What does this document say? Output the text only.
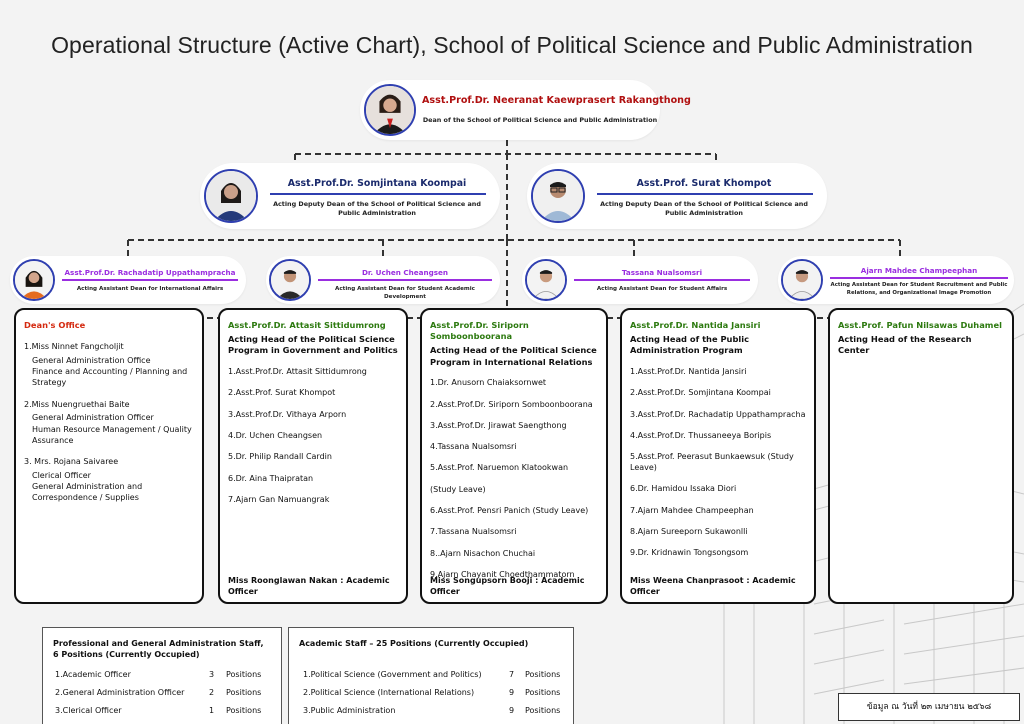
Operational Structure (Active Chart), School of Political Science and Public Administration
Asst.Prof.Dr. Neeranat Kaewprasert Rakangthong
Dean of the School of Political Science and Public Administration
Asst.Prof.Dr. Somjintana Koompai
Acting Deputy Dean of the School of Political Science and Public Administration
Asst.Prof. Surat Khompot
Acting Deputy Dean of the School of Political Science and Public Administration
Asst.Prof.Dr. Rachadatip Uppathampracha
Acting Assistant Dean for International Affairs
Dr. Uchen Cheangsen
Acting Assistant Dean for Student Academic Development
Tassana Nualsomsri
Acting Assistant Dean for Student Affairs
Ajarn Mahdee Champeephan
Acting Assistant Dean for Student Recruitment and Public Relations, and Organizational Image Promotion
Dean's Office
1.Miss Ninnet Fangcholjit
General Administration Office
Finance and Accounting / Planning and Strategy
2.Miss Nuengruethai Baite
General Administration Officer
Human Resource Management / Quality Assurance
3. Mrs. Rojana Saivaree
Clerical Officer
General Administration and Correspondence / Supplies
Asst.Prof.Dr. Attasit Sittidumrong
Acting Head of the Political Science Program in Government and Politics
1.Asst.Prof.Dr. Attasit Sittidumrong
2.Asst.Prof. Surat Khompot
3.Asst.Prof.Dr. Vithaya Arporn
4.Dr. Uchen Cheangsen
5.Dr. Philip Randall Cardin
6.Dr. Aina Thaipratan
7.Ajarn Gan Namuangrak
Miss Roonglawan Nakan : Academic Officer
Asst.Prof.Dr. Siriporn Somboonboorana
Acting Head of the Political Science Program in International Relations
1.Dr. Anusorn Chaiaksornwet
2.Asst.Prof.Dr. Siriporn Somboonboorana
3.Asst.Prof.Dr. Jirawat Saengthong
4.Tassana Nualsomsri
5.Asst.Prof. Naruemon Klatookwan
(Study Leave)
6.Asst.Prof. Pensri Panich (Study Leave)
7.Tassana Nualsomsri
8..Ajarn Nisachon Chuchai
9.Ajarn Chayanit Choedthammatorn
Miss Songupsorn Booji : Academic Officer
Asst.Prof.Dr. Nantida Jansiri
Acting Head of the Public Administration Program
1.Asst.Prof.Dr. Nantida Jansiri
2.Asst.Prof.Dr. Somjintana Koompai
3.Asst.Prof.Dr. Rachadatip Uppathampracha
4.Asst.Prof.Dr. Thussaneeya Boripis
5.Asst.Prof. Peerasut Bunkaewsuk (Study Leave)
6.Dr. Hamidou Issaka Diori
7.Ajarn Mahdee Champeephan
8.Ajarn Sureeporn Sukawonlli
9.Dr. Kridnawin Tongsongsom
Miss Weena Chanprasoot : Academic Officer
Asst.Prof. Pafun Nilsawas Duhamel
Acting Head of the Research Center
Professional and General Administration Staff,
6 Positions (Currently Occupied)
1.Academic Officer	3 Positions
2.General Administration Officer	2 Positions
3.Clerical Officer	1 Positions
Academic Staff – 25 Positions (Currently Occupied)
1.Political Science (Government and Politics)	7 Positions
2.Political Science (International Relations)	9 Positions
3.Public Administration	9 Positions	ข้อมูล ณ วันที่ ๒๓ เมษายน ๒๕๖๘
